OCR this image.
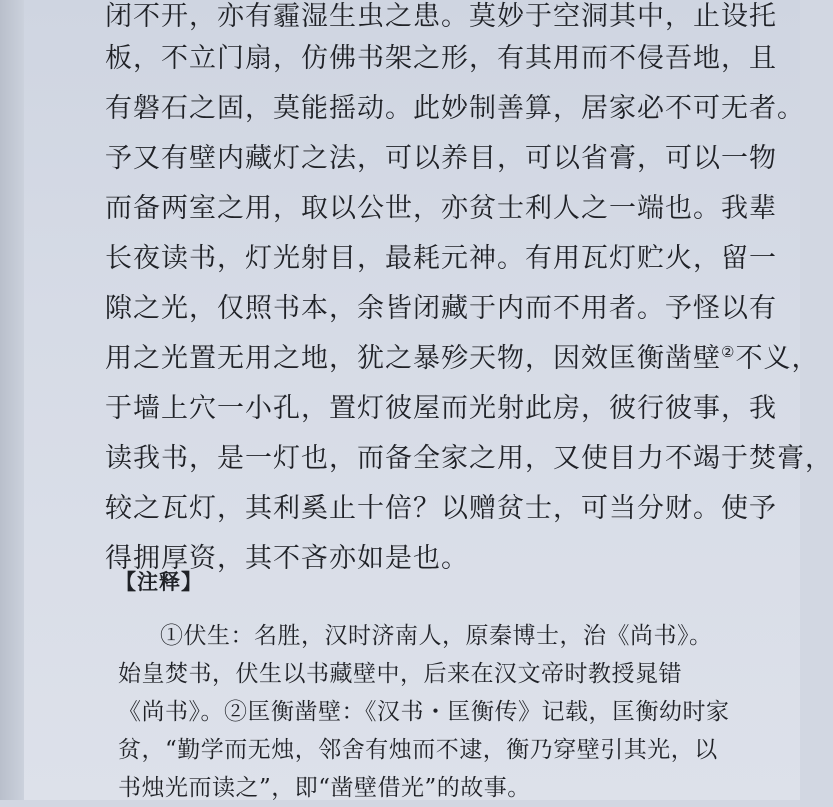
闭不开，亦有霾湿生虫之患。莫妙于空洞其中，止设托
板，不立门扇，仿佛书架之形，有其用而不侵吾地，且
有磐石之固，莫能摇动。此妙制善算，居家必不可无者。
予又有壁内藏灯之法，可以养目，可以省膏，可以一物
而备两室之用，取以公世，亦贫士利人之一端也。我辈
长夜读书，灯光射目，最耗元神。有用瓦灯贮火，留一
隙之光，仅照书本，余皆闭藏于内而不用者。予怪以有
用之光置无用之地，犹之暴殄天物，因效匡衡凿壁②不义，
于墙上穴一小孔，置灯彼屋而光射此房，彼行彼事，我
读我书，是一灯也，而备全家之用，又使目力不竭于焚膏，
较之瓦灯，其利奚止十倍？以赠贫士，可当分财。使予
得拥厚资，其不吝亦如是也。
【注释】
①伏生：名胜，汉时济南人，原秦博士，治《尚书》。
始皇焚书，伏生以书藏壁中，后来在汉文帝时教授晁错
《尚书》。②匡衡凿壁：《汉书・匡衡传》记载，匡衡幼时家
贫，“勤学而无烛，邻舍有烛而不逮，衡乃穿壁引其光，以
书烛光而读之”，即“凿壁借光”的故事。
